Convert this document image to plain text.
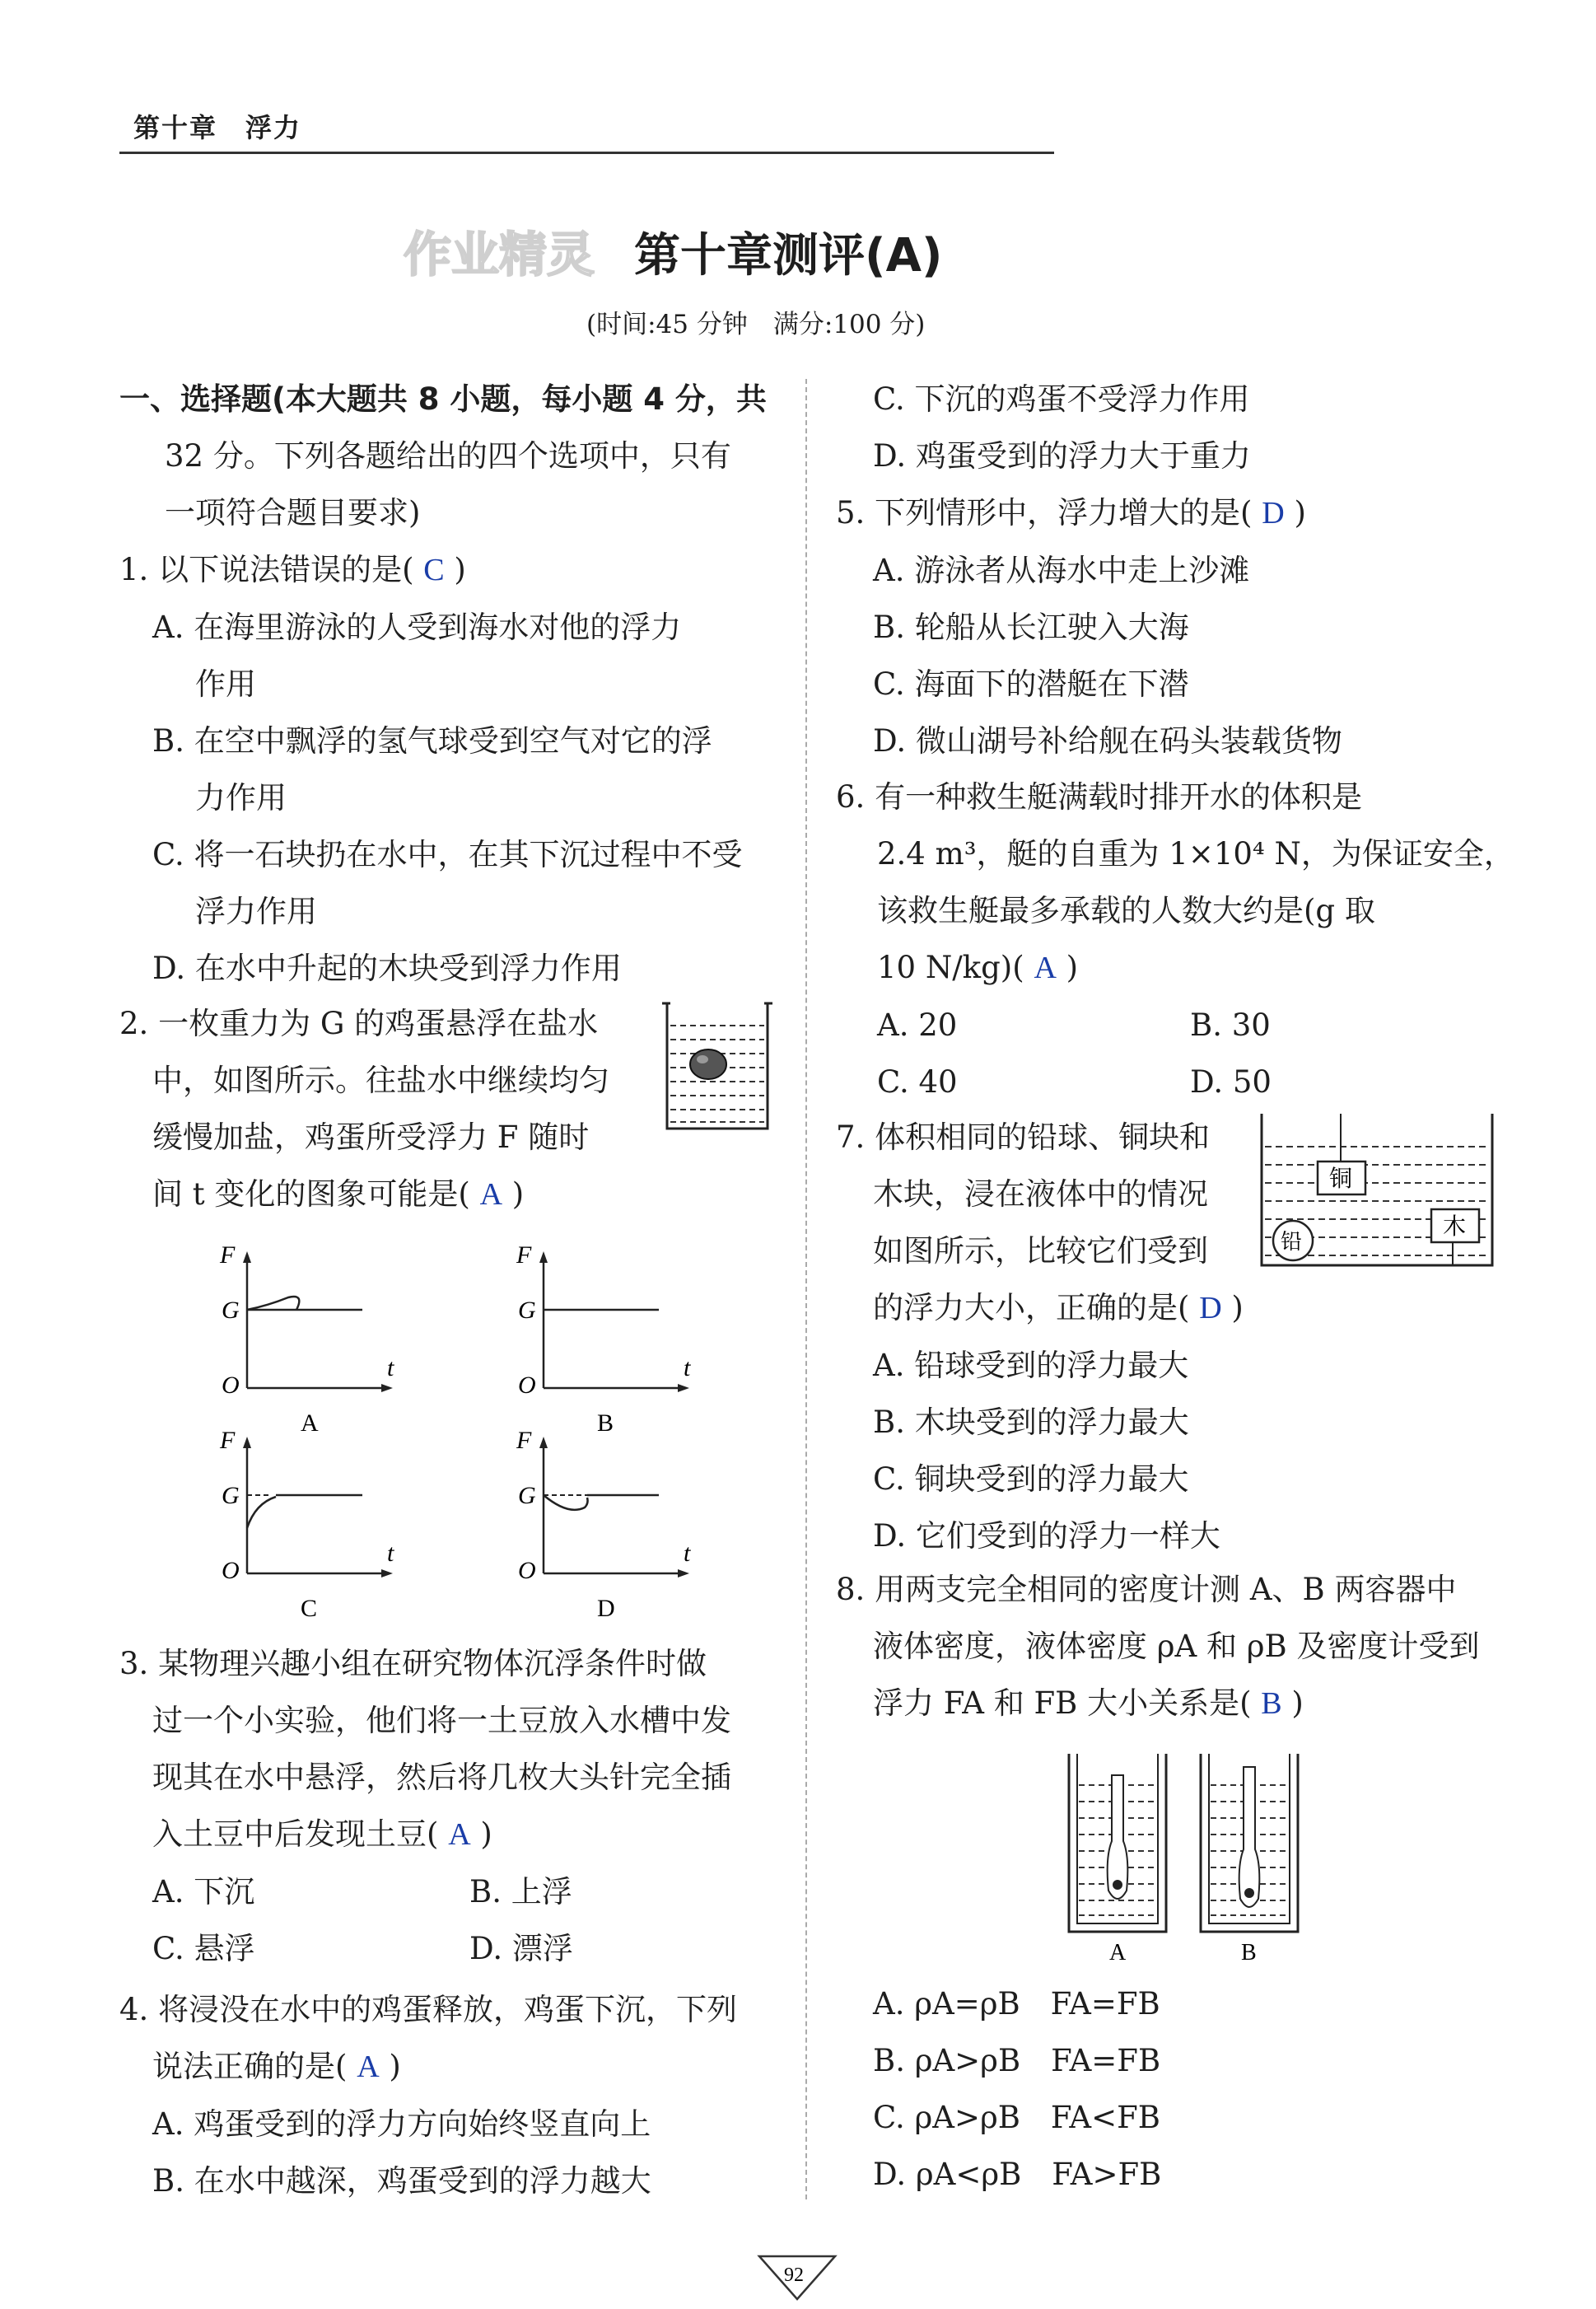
第十章　浮力
作业精灵 第十章测评(A)
(时间:45 分钟　满分:100 分)
一、选择题(本大题共 8 小题，每小题 4 分，共
32 分。下列各题给出的四个选项中，只有
一项符合题目要求)
1. 以下说法错误的是( C )
A. 在海里游泳的人受到海水对他的浮力
作用
B. 在空中飘浮的氢气球受到空气对它的浮
力作用
C. 将一石块扔在水中，在其下沉过程中不受
浮力作用
D. 在水中升起的木块受到浮力作用
2. 一枚重力为 G 的鸡蛋悬浮在盐水
中，如图所示。往盐水中继续均匀
缓慢加盐，鸡蛋所受浮力 F 随时
间 t 变化的图象可能是( A )
F
G
O
t
A
F
G
O
t
B
F
G
O
t
C
F
G
O
t
D
3. 某物理兴趣小组在研究物体沉浮条件时做
过一个小实验，他们将一土豆放入水槽中发
现其在水中悬浮，然后将几枚大头针完全插
入土豆中后发现土豆( A )
A. 下沉	B. 上浮
C. 悬浮	D. 漂浮
4. 将浸没在水中的鸡蛋释放，鸡蛋下沉，下列
说法正确的是( A )
A. 鸡蛋受到的浮力方向始终竖直向上
B. 在水中越深，鸡蛋受到的浮力越大
C. 下沉的鸡蛋不受浮力作用
D. 鸡蛋受到的浮力大于重力
5. 下列情形中，浮力增大的是( D )
A. 游泳者从海水中走上沙滩
B. 轮船从长江驶入大海
C. 海面下的潜艇在下潜
D. 微山湖号补给舰在码头装载货物
6. 有一种救生艇满载时排开水的体积是
2.4 m³，艇的自重为 1×10⁴ N，为保证安全，
该救生艇最多承载的人数大约是(g 取
10 N/kg)( A )
A. 20	B. 30
C. 40	D. 50
7. 体积相同的铅球、铜块和
木块，浸在液体中的情况
如图所示，比较它们受到
的浮力大小，正确的是( D )
A. 铅球受到的浮力最大
B. 木块受到的浮力最大
C. 铜块受到的浮力最大
D. 它们受到的浮力一样大
铜
铅
木
8. 用两支完全相同的密度计测 A、B 两容器中
液体密度，液体密度 ρA 和 ρB 及密度计受到
浮力 FA 和 FB 大小关系是( B )
A	B
A. ρA=ρB　FA=FB
B. ρA>ρB　FA=FB
C. ρA>ρB　FA<FB
D. ρA<ρB　FA>FB
92
